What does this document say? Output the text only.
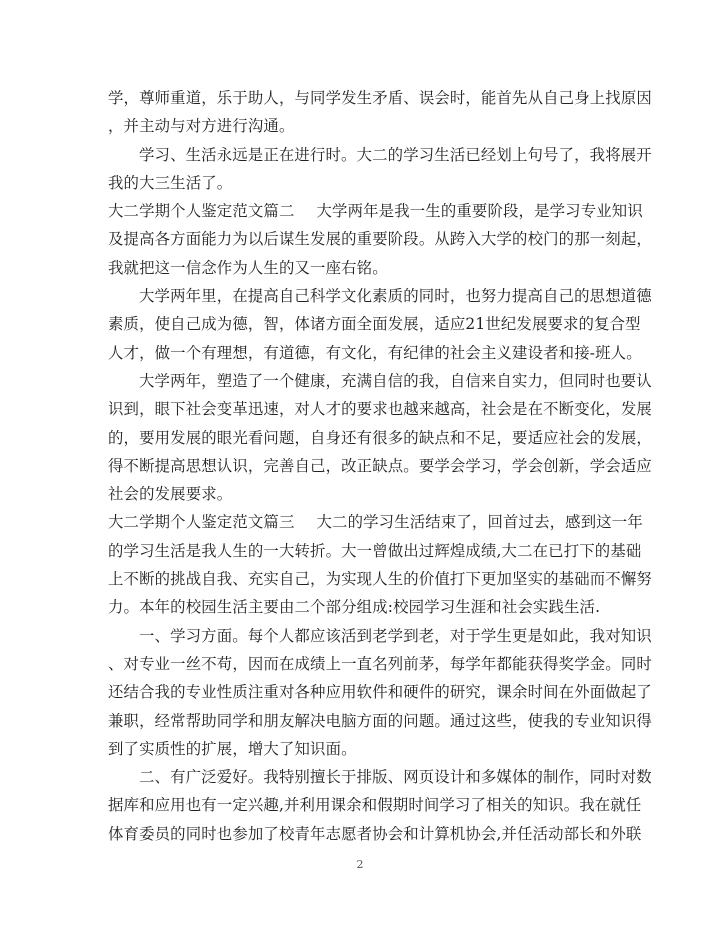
学，尊师重道，乐于助人，与同学发生矛盾、误会时，能首先从自己身上找原因
，并主动与对方进行沟通。
学习、生活永远是正在进行时。大二的学习生活已经划上句号了，我将展开
我的大三生活了。
大二学期个人鉴定范文篇二 大学两年是我一生的重要阶段，是学习专业知识
及提高各方面能力为以后谋生发展的重要阶段。从跨入大学的校门的那一刻起，
我就把这一信念作为人生的又一座右铭。
大学两年里，在提高自己科学文化素质的同时，也努力提高自己的思想道德
素质，使自己成为德，智，体诸方面全面发展，适应21世纪发展要求的复合型
人才，做一个有理想，有道德，有文化，有纪律的社会主义建设者和接-班人。
大学两年，塑造了一个健康，充满自信的我，自信来自实力，但同时也要认
识到，眼下社会变革迅速，对人才的要求也越来越高，社会是在不断变化，发展
的，要用发展的眼光看问题，自身还有很多的缺点和不足，要适应社会的发展，
得不断提高思想认识，完善自己，改正缺点。要学会学习，学会创新，学会适应
社会的发展要求。
大二学期个人鉴定范文篇三 大二的学习生活结束了，回首过去，感到这一年
的学习生活是我人生的一大转折。大一曾做出过辉煌成绩,大二在已打下的基础
上不断的挑战自我、充实自己，为实现人生的价值打下更加坚实的基础而不懈努
力。本年的校园生活主要由二个部分组成:校园学习生涯和社会实践生活.
一、学习方面。每个人都应该活到老学到老，对于学生更是如此，我对知识
、对专业一丝不苟，因而在成绩上一直名列前茅，每学年都能获得奖学金。同时
还结合我的专业性质注重对各种应用软件和硬件的研究，课余时间在外面做起了
兼职，经常帮助同学和朋友解决电脑方面的问题。通过这些，使我的专业知识得
到了实质性的扩展，增大了知识面。
二、有广泛爱好。我特别擅长于排版、网页设计和多媒体的制作，同时对数
据库和应用也有一定兴趣,并利用课余和假期时间学习了相关的知识。我在就任
体育委员的同时也参加了校青年志愿者协会和计算机协会,并任活动部长和外联
2
